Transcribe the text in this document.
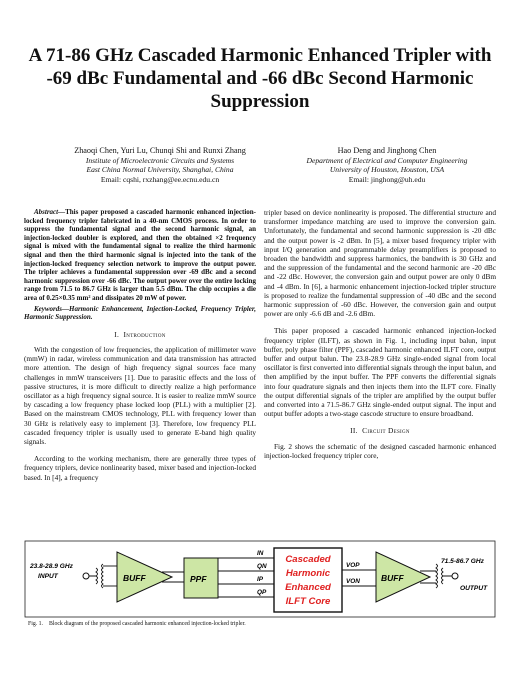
A 71-86 GHz Cascaded Harmonic Enhanced Tripler with -69 dBc Fundamental and -66 dBc Second Harmonic Suppression
Zhaoqi Chen, Yuri Lu, Chunqi Shi and Runxi Zhang
Institute of Microelectronic Circuits and Systems
East China Normal University, Shanghai, China
Email: cqshi, rxzhang@ee.ecnu.edu.cn
Hao Deng and Jinghong Chen
Department of Electrical and Computer Engineering
University of Houston, Houston, USA
Email: jinghong@uh.edu

Abstract—This paper proposed a cascaded harmonic enhanced injection-locked frequency tripler fabricated in a 40-nm CMOS process. In order to suppress the fundamental signal and the second harmonic signal, an injection-locked doubler is explored, and then the obtained ×2 frequency signal is mixed with the fundamental signal to realize the third harmonic signal and then the third harmonic signal is injected into the tank of the injection-locked frequency selection network to improve the output power. The tripler achieves a fundamental suppression over -69 dBc and a second harmonic suppression over -66 dBc. The output power over the entire locking range from 71.5 to 86.7 GHz is larger than 5.5 dBm. The chip occupies a die area of 0.25×0.35 mm² and dissipates 20 mW of power.

Keywords—Harmonic Enhancement, Injection-Locked, Frequency Tripler, Harmonic Suppression.

I. Introduction

With the congestion of low frequencies, the application of millimeter wave (mmW) in radar, wireless communication and data transmission has attracted more attention. The design of high frequency signal sources face many challenges in mmW transceivers [1]. Due to parasitic effects and the loss of passive structures, it is more difficult to directly realize a high performance oscillator as a high frequency signal source. It is easier to realize mmW source by cascading a low frequency phase locked loop (PLL) with a multiplier [2]. Based on the mainstream CMOS technology, PLL with frequency lower than 30 GHz is relatively easy to implement [3]. Therefore, low frequency PLL cascaded frequency tripler is usually used to generate E-band high quality signals.

According to the working mechanism, there are generally three types of frequency triplers, device nonlinearity based, mixer based and injection-locked based. In [4], a frequency

tripler based on device nonlinearity is proposed. The differential structure and transformer impedance matching are used to improve the conversion gain. Unfortunately, the fundamental and second harmonic suppression is -20 dBc and the output power is -2 dBm. In [5], a mixer based frequency tripler with input I/Q generation and programmable delay preamplifiers is proposed to broaden the bandwidth and suppress harmonics, the bandwith is 30 GHz and and the suppression of the fundamental and the second harmonic are -20 dBc and -22 dBc. However, the conversion gain and output power are only 0 dBm and -4 dBm. In [6], a harmonic enhancement injection-locked tripler structure is proposed to realize the fundamental suppression of -40 dBc and the second harmonic suppression of -60 dBc. However, the conversion gain and output power are only -6.6 dB and -2.6 dBm.

This paper proposed a cascaded harmonic enhanced injection-locked frequency tripler (ILFT), as shown in Fig. 1, including input balun, input buffer, poly phase filter (PPF), cascaded harmonic enhanced ILFT core, output buffer and output balun. The 23.8-28.9 GHz single-ended signal from local oscillator is first converted into differential signals through the input balun, and then amplified by the input buffer. The PPF converts the differential signals into four quadrature signals and then injects them into the ILFT core. Finally the output differential signals of the tripler are amplified by the output buffer and converted into a 71.5-86.7 GHz single-ended output signal. The input and output buffer adopts a two-stage cascode structure to ensure broadband.

II. Circuit Design

Fig. 2 shows the schematic of the designed cascaded harmonic enhanced injection-locked frequency tripler core,

23.8-28.9 GHz
INPUT	BUFF	PPF
IN
QN
IP
QP
Cascaded
Harmonic
Enhanced
ILFT Core
VOP
VON BUFF
71.5-86.7 GHz
OUTPUT
Fig. 1. Block diagram of the proposed cascaded harmonic enhanced injection-locked tripler.
